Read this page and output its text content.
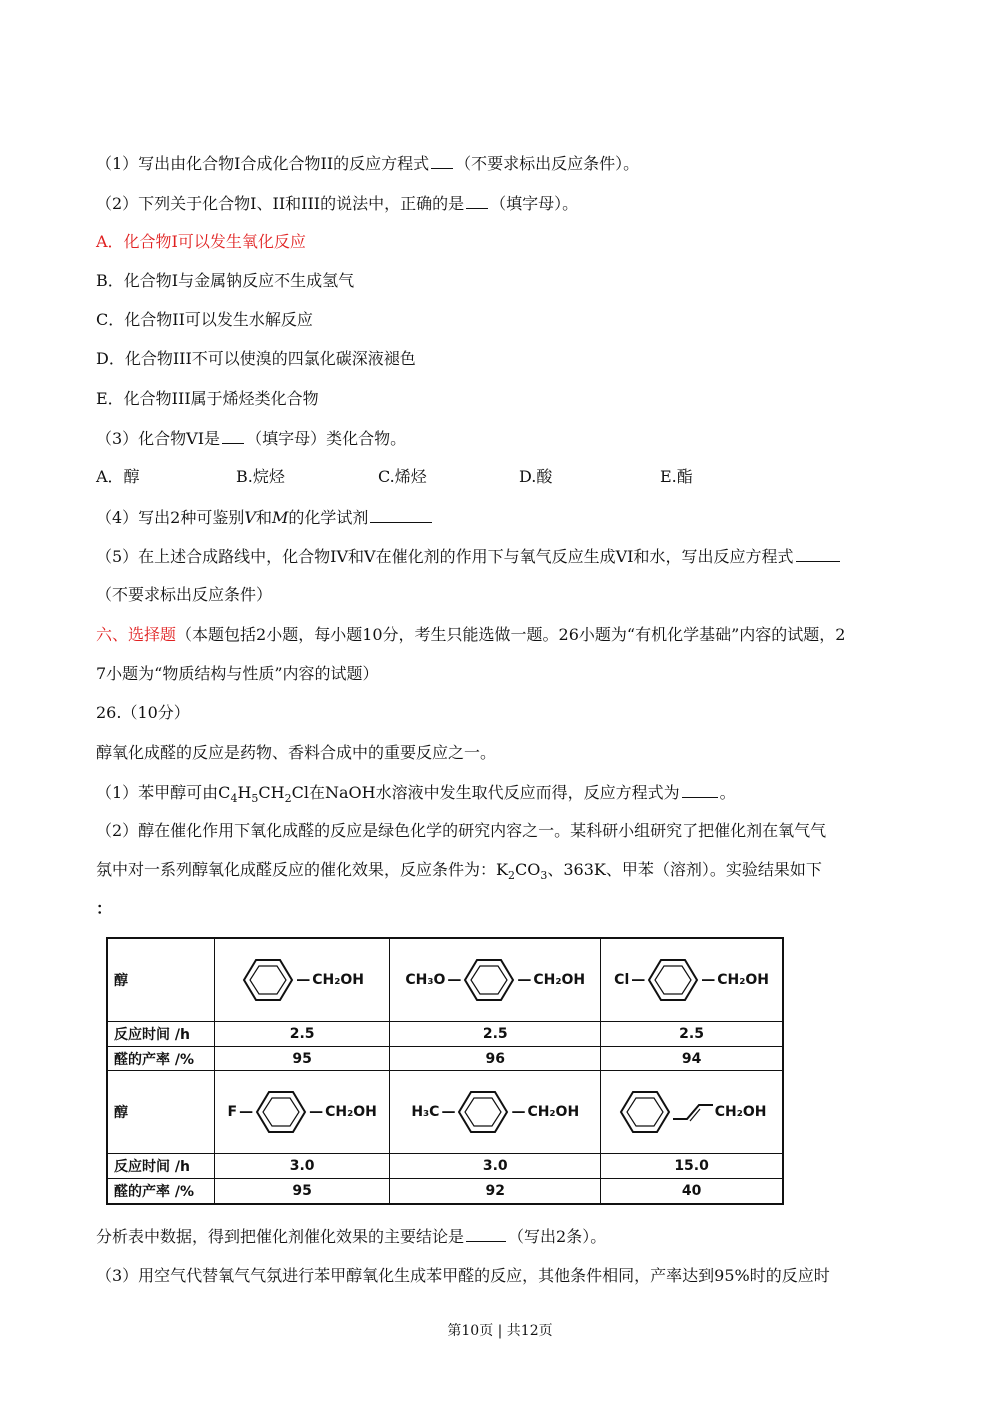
（1）写出由化合物I合成化合物II的反应方程式 （不要求标出反应条件）。
（2）下列关于化合物I、II和III的说法中，正确的是 （填字母）。
A．化合物I可以发生氧化反应
B．化合物I与金属钠反应不生成氢气
C．化合物II可以发生水解反应
D．化合物III不可以使溴的四氯化碳深液褪色
E．化合物III属于烯烃类化合物
（3）化合物VI是 （填字母）类化合物。
A．醇	B.烷烃	C.烯烃	D.酸	E.酯
（4）写出2种可鉴别V和M的化学试剂
（5）在上述合成路线中，化合物IV和V在催化剂的作用下与氧气反应生成VI和水，写出反应方程式
（不要求标出反应条件）
六、选择题（本题包括2小题，每小题10分，考生只能选做一题。26小题为“有机化学基础”内容的试题，2
7小题为“物质结构与性质”内容的试题）
26.（10分）
醇氧化成醛的反应是药物、香料合成中的重要反应之一。
（1）苯甲醇可由$C_4H_5CH_2Cl$在NaOH水溶液中发生取代反应而得，反应方程式为	。
（2）醇在催化作用下氧化成醛的反应是绿色化学的研究内容之一。某科研小组研究了把催化剂在氧气气
氛中对一系列醇氧化成醛反应的催化效果，反应条件为：$K_2CO_3$、363K、甲苯（溶剂）。实验结果如下
：
醇	— CH₂OH	CH₃O — — CH₂OH	Cl — — CH₂OH

反应时间 /h	2.5	2.5	2.5
醛的产率 /%	95	96	94
醇	F — — CH₂OH	H₃C — — CH₂OH	CH₂OH

反应时间 /h	3.0	3.0	15.0
醛的产率 /%	95	92	40
分析表中数据，得到把催化剂催化效果的主要结论是	（写出2条）。
（3）用空气代替氧气气氛进行苯甲醇氧化生成苯甲醛的反应，其他条件相同，产率达到95%时的反应时
第10页 | 共12页
